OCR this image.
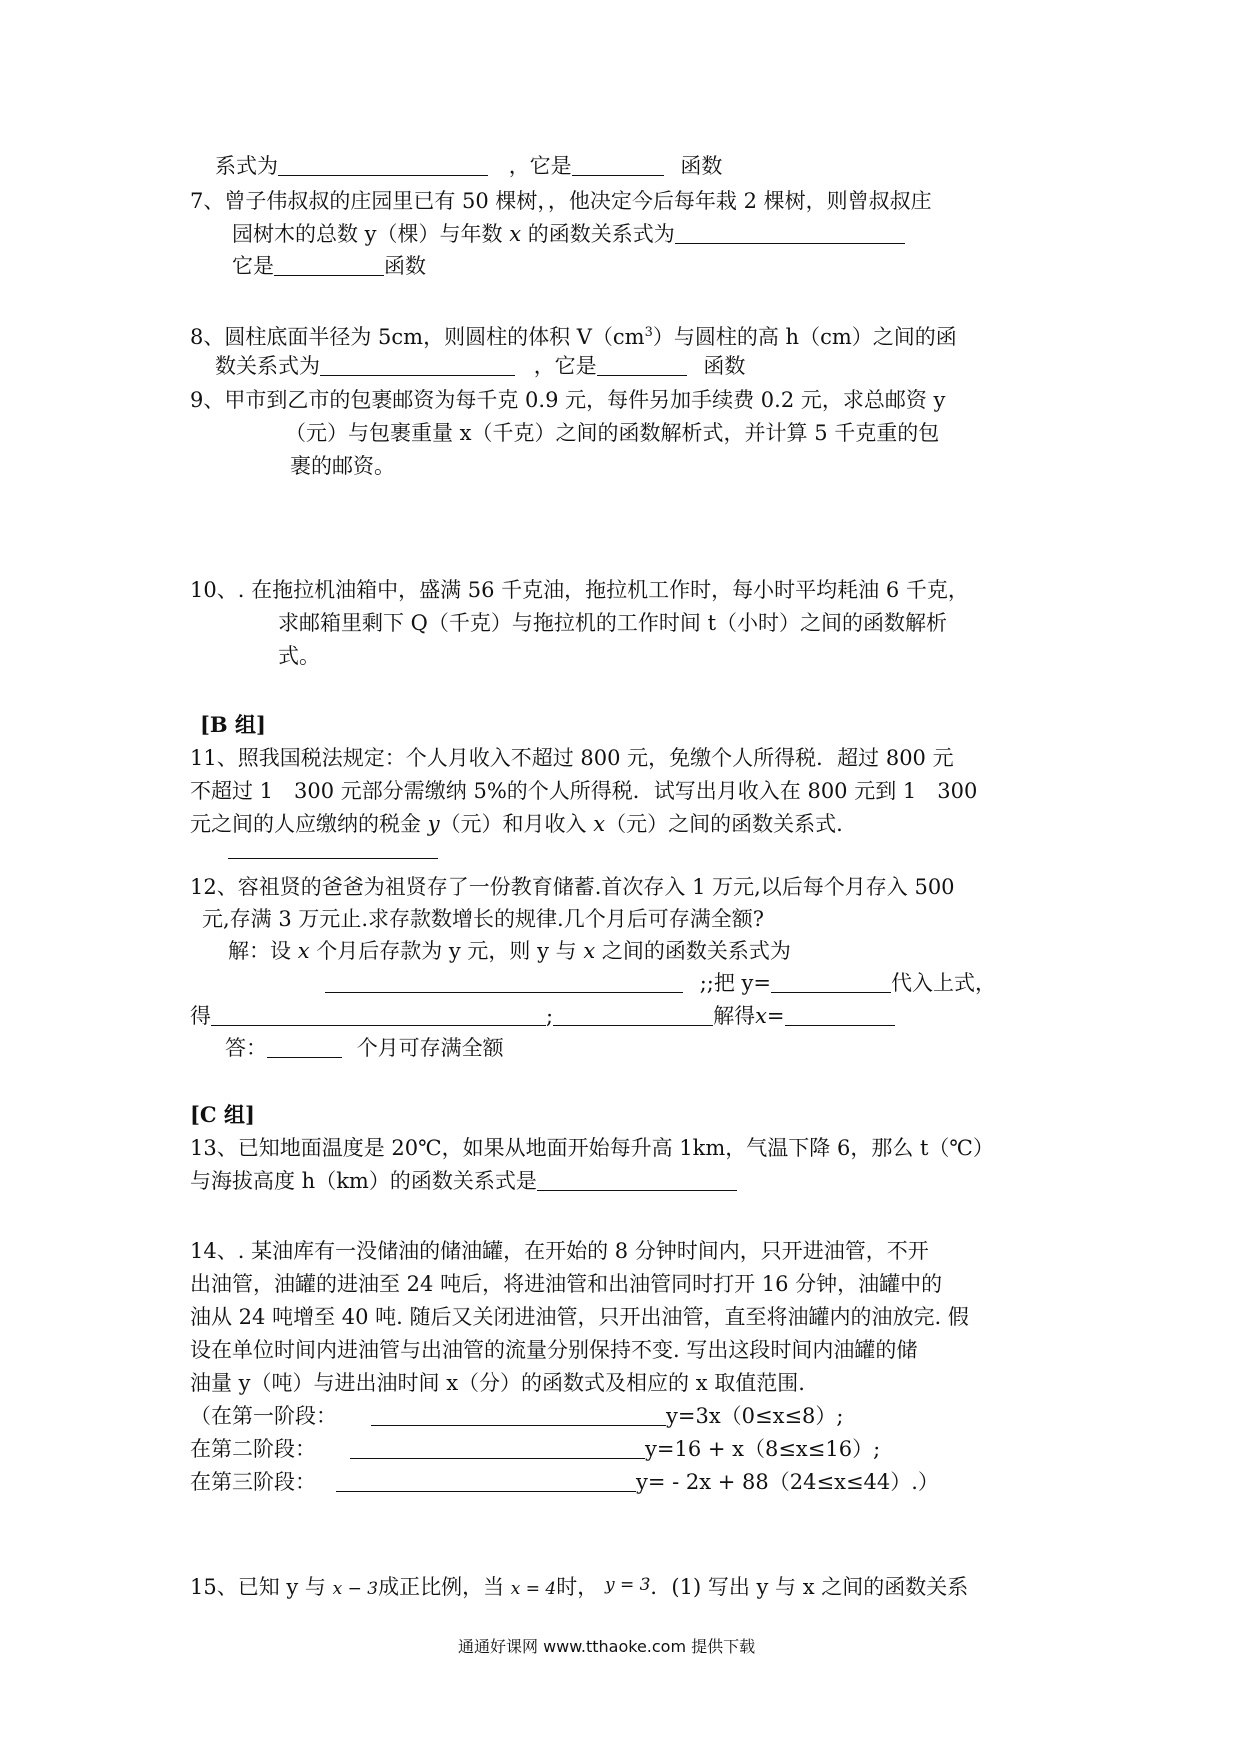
系式为	，它是	函数
7、曾子伟叔叔的庄园里已有 50 棵树，，他决定今后每年栽 2 棵树，则曾叔叔庄
园树木的总数 y（棵）与年数 x 的函数关系式为
它是	函数
8、圆柱底面半径为 5cm，则圆柱的体积 $V(cm^3)$与圆柱的高 h（cm）之间的函
数关系式为	，它是	函数
9、甲市到乙市的包裹邮资为每千克 0.9 元，每件另加手续费 0.2 元，求总邮资 y
（元）与包裹重量 x（千克）之间的函数解析式，并计算 5 千克重的包
裹的邮资。
10、. 在拖拉机油箱中，盛满 56 千克油，拖拉机工作时，每小时平均耗油 6 千克，
求邮箱里剩下 Q（千克）与拖拉机的工作时间 t（小时）之间的函数解析
式。
[B 组]
11、照我国税法规定：个人月收入不超过 800 元，免缴个人所得税．超过 800 元
不超过 1　300 元部分需缴纳 5%的个人所得税．试写出月收入在 800 元到 1　300
元之间的人应缴纳的税金 y（元）和月收入 x（元）之间的函数关系式.
12、容祖贤的爸爸为祖贤存了一份教育储蓄.首次存入 1 万元,以后每个月存入 500
元,存满 3 万元止.求存款数增长的规律.几个月后可存满全额?
解：设 x 个月后存款为 y 元，则 y 与 x 之间的函数关系式为
;;把 y=	代入上式，
得	;	解得x=
答：	个月可存满全额
[C 组]
13、已知地面温度是 20℃，如果从地面开始每升高 1km，气温下降 6，那么 t（℃）
与海拔高度 h（km）的函数关系式是
14、. 某油库有一没储油的储油罐，在开始的 8 分钟时间内，只开进油管，不开
出油管，油罐的进油至 24 吨后，将进油管和出油管同时打开 16 分钟，油罐中的
油从 24 吨增至 40 吨. 随后又关闭进油管，只开出油管，直至将油罐内的油放完. 假
设在单位时间内进油管与出油管的流量分别保持不变. 写出这段时间内油罐的储
油量 y（吨）与进出油时间 x（分）的函数式及相应的 x 取值范围.
（在第一阶段：	y=3x（0≤x≤8）;
在第二阶段：	y=16 + x（8≤x≤16）;
在第三阶段：	y= - 2x + 88（24≤x≤44）.）
15、已知 y 与 x − 3成正比例，当 x = 4时， y = 3．(1) 写出 y 与 x 之间的函数关系
通通好课网 www.tthaoke.com 提供下载
